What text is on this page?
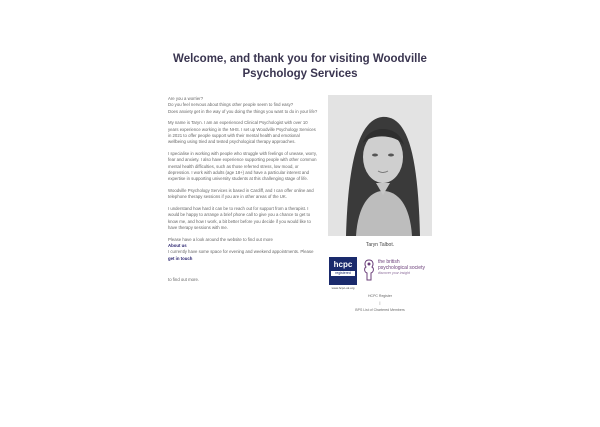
Welcome, and thank you for visiting Woodville
Psychology Services

Are you a worrier?
Do you feel nervous about things other people seem to find easy?
Does anxiety get in the way of you doing the things you want to do in your life?

My name is Taryn. I am an experienced Clinical Psychologist with over 10 years experience working in the NHS. I set up Woodville Psychology Services in 2021 to offer people support with their mental health and emotional wellbeing using tried and tested psychological therapy approaches.

I specialise in working with people who struggle with feelings of unease, worry, fear and anxiety. I also have experience supporting people with other common mental health difficulties, such as those referred stress, low mood, or depression. I work with adults (age 18+) and have a particular interest and expertise in supporting university students at this challenging stage of life.

Woodville Psychology Services is based in Cardiff, and I can offer online and telephone therapy sessions if you are in other areas of the UK.

I understand how hard it can be to reach out for support from a therapist. I would be happy to arrange a brief phone call to give you a chance to get to know me, and how I work, a bit better before you decide if you would like to have therapy sessions with me.

Please have a look around the website to find out more

About us

I currently have some space for evening and weekend appointments. Please

get in touch

to find out more.

Taryn Talbot.
hcpc
registered
www.hcpc-uk.org
the british
psychological society
discover your insight
HCPC Register
|
BPS List of Chartered Members
